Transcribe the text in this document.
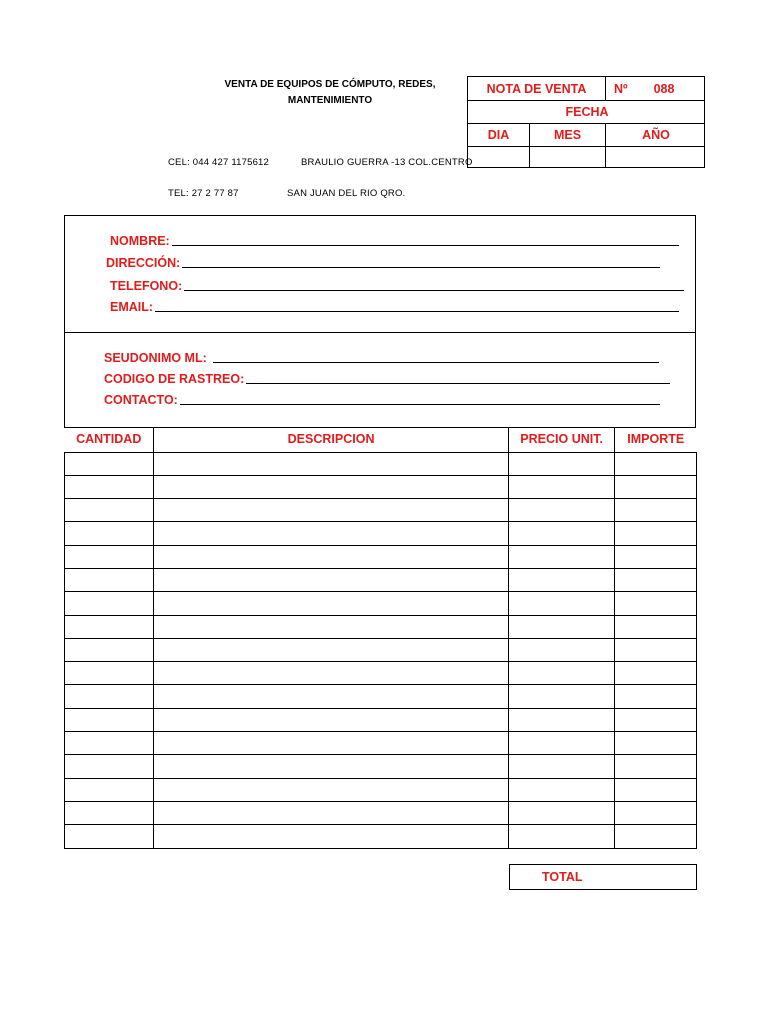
VENTA DE EQUIPOS DE CÓMPUTO, REDES,
MANTENIMIENTO
CEL: 044 427 1175612	BRAULIO GUERRA -13 COL.CENTRO
TEL: 27 2 77 87	SAN JUAN DEL RIO QRO.
NOTA DE VENTA	Nº 088
FECHA
DIA	MES	AÑO
NOMBRE:
DIRECCIÓN:
TELEFONO:
EMAIL:
SEUDONIMO ML:
CODIGO DE RASTREO:
CONTACTO:
CANTIDAD	DESCRIPCION	PRECIO UNIT.	IMPORTE

TOTAL
